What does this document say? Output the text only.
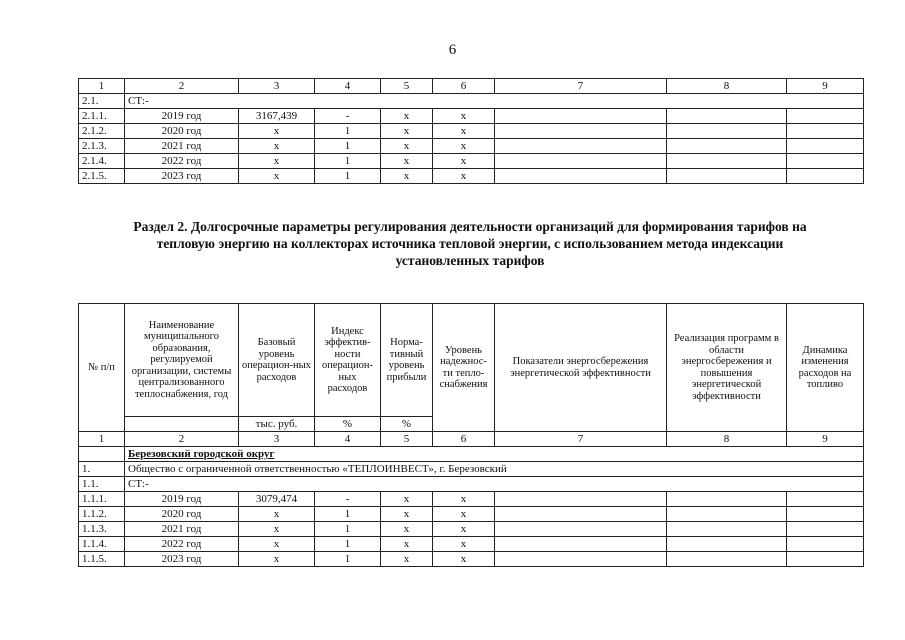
6
1	2	3	4	5	6	7	8	9
2.1.	СТ:-							
2.1.1.	2019 год	3167,439	-	х	х			
2.1.2.	2020 год	х	1	х	х			
2.1.3.	2021 год	х	1	х	х			
2.1.4.	2022 год	х	1	х	х			
2.1.5.	2023 год	х	1	х	х			
Раздел 2. Долгосрочные параметры регулирования деятельности организаций для формирования тарифов на
тепловую энергию на коллекторах источника тепловой энергии, с использованием метода индексации
установленных тарифов
№ п/п	Наименование муниципального образования, регулируемой организации, системы централизованного теплоснабжения, год	Базовый уровень операцион-ных расходов	Индекс эффектив-ности операцион-ных расходов	Норма-тивный уровень прибыли	Уровень надежнос-ти тепло-снабжения	Показатели энергосбережения энергетической эффективности	Реализация программ в области энергосбережения и повышения энергетической эффективности	Динамика изменения расходов на топливо
		тыс. руб.	%	%				
1	2	3	4	5	6	7	8	9
	Березовский городской округ							
1.	Общество с ограниченной ответственностью «ТЕПЛОИНВЕСТ», г. Березовский							
1.1.	СТ:-							
1.1.1.	2019 год	3079,474	-	х	х			
1.1.2.	2020 год	х	1	х	х			
1.1.3.	2021 год	х	1	х	х			
1.1.4.	2022 год	х	1	х	х			
1.1.5.	2023 год	х	1	х	х			
